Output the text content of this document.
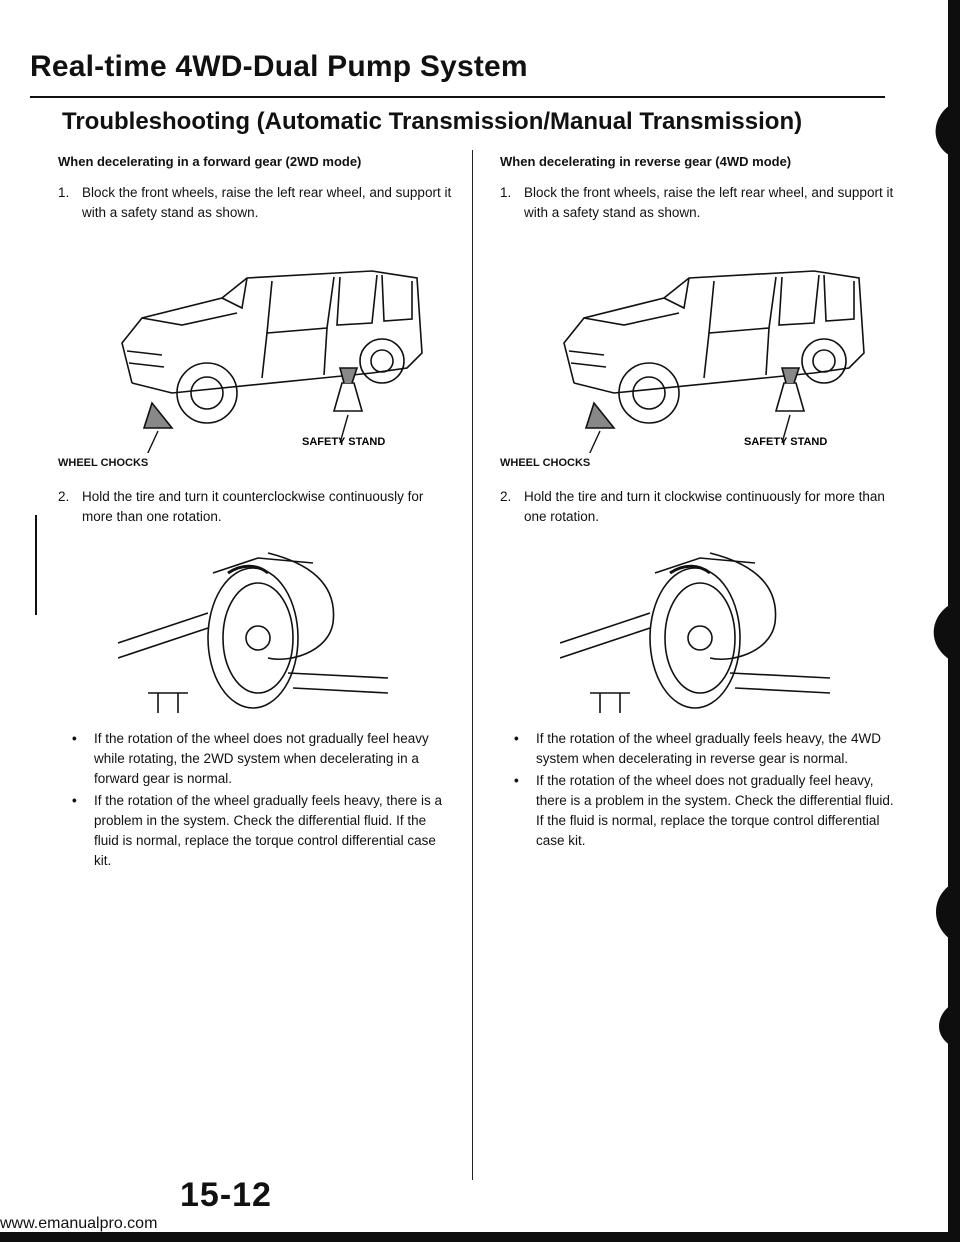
Real-time 4WD-Dual Pump System
Troubleshooting (Automatic Transmission/Manual Transmission)
When decelerating in a forward gear (2WD mode)
1. Block the front wheels, raise the left rear wheel, and support it with a safety stand as shown.
SAFETY STAND
WHEEL CHOCKS
2. Hold the tire and turn it counterclockwise continuously for more than one rotation.
•	If the rotation of the wheel does not gradually feel heavy while rotating, the 2WD system when decelerating in a forward gear is normal.
•	If the rotation of the wheel gradually feels heavy, there is a problem in the system. Check the differential fluid. If the fluid is normal, replace the torque control differential case kit.
When decelerating in reverse gear (4WD mode)
1. Block the front wheels, raise the left rear wheel, and support it with a safety stand as shown.
SAFETY STAND
WHEEL CHOCKS
2. Hold the tire and turn it clockwise continuously for more than one rotation.
•	If the rotation of the wheel gradually feels heavy, the 4WD system when decelerating in reverse gear is normal.
•	If the rotation of the wheel does not gradually feel heavy, there is a problem in the system. Check the differential fluid. If the fluid is normal, replace the torque control differential case kit.
15-12
www.emanualpro.com
